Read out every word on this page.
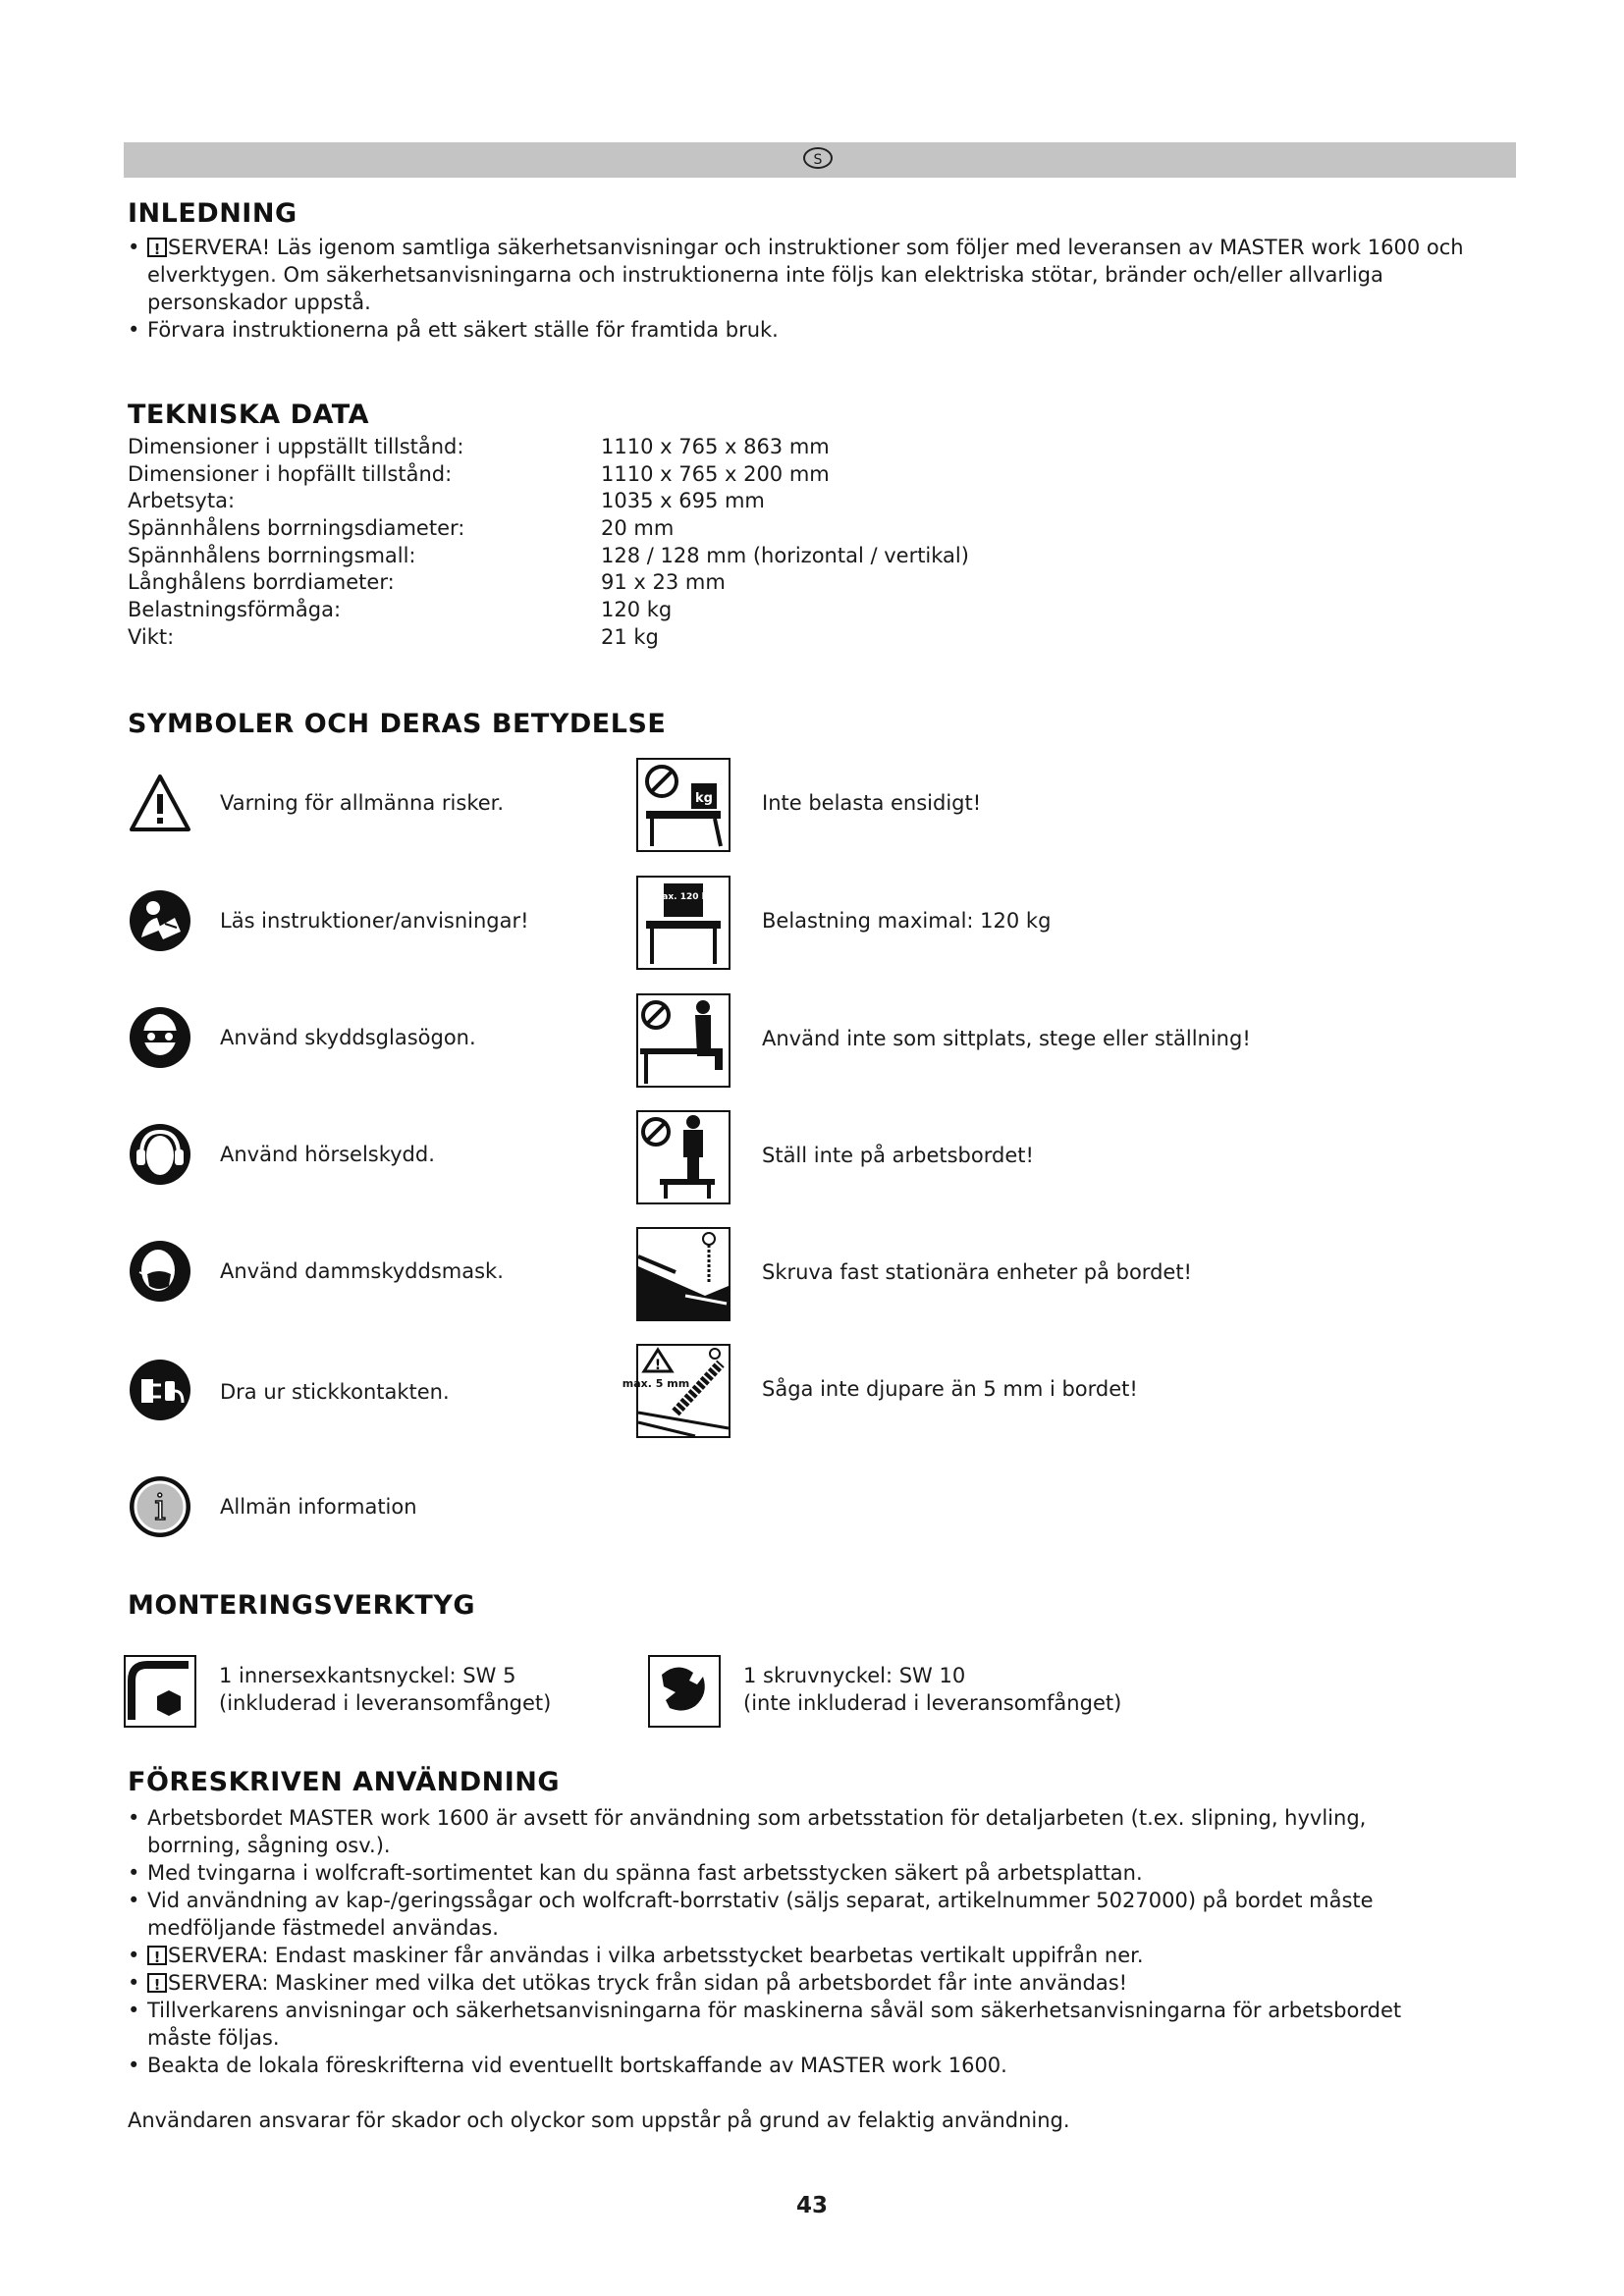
S
INLEDNING
!• SERVERA! Läs igenom samtliga säkerhetsanvisningar och instruktioner som följer med leveransen av MASTER work 1600 och elverktygen. Om säkerhetsanvisningarna och instruktionerna inte följs kan elektriska stötar, bränder och/eller allvarliga personskador uppstå.
• Förvara instruktionerna på ett säkert ställe för framtida bruk.
TEKNISKA DATA
Dimensioner i uppställt tillstånd:	1110 x 765 x 863 mm
Dimensioner i hopfällt tillstånd:	1110 x 765 x 200 mm
Arbetsyta:	1035 x 695 mm
Spännhålens borrningsdiameter:	20 mm
Spännhålens borrningsmall:	128 / 128 mm (horizontal / vertikal)
Långhålens borrdiameter:	91 x 23 mm
Belastningsförmåga:	120 kg
Vikt:	21 kg
SYMBOLER OCH DERAS BETYDELSE
Varning för allmänna risker.
Läs instruktioner/anvisningar!
Använd skyddsglasögon.
Använd hörselskydd.
Använd dammskyddsmask.
Dra ur stickkontakten.
i	Allmän information
kg Inte belasta ensidigt!
max. 120 kg
Belastning maximal: 120 kg
Använd inte som sittplats, stege eller ställning!
Ställ inte på arbetsbordet!
Skruva fast stationära enheter på bordet!
!
max. 5 mm	Såga inte djupare än 5 mm i bordet!
MONTERINGSVERKTYG
1 innersexkantsnyckel: SW 5
(inkluderad i leveransomfånget)
1 skruvnyckel: SW 10
(inte inkluderad i leveransomfånget)
FÖRESKRIVEN ANVÄNDNING
• Arbetsbordet MASTER work 1600 är avsett för användning som arbetsstation för detaljarbeten (t.ex. slipning, hyvling, borrning, sågning osv.).
• Med tvingarna i wolfcraft-sortimentet kan du spänna fast arbetsstycken säkert på arbetsplattan.
• Vid användning av kap-/geringssågar och wolfcraft-borrstativ (säljs separat, artikelnummer 5027000) på bordet måste medföljande fästmedel användas.
!• SERVERA: Endast maskiner får användas i vilka arbetsstycket bearbetas vertikalt uppifrån ner.
!• SERVERA: Maskiner med vilka det utökas tryck från sidan på arbetsbordet får inte användas!
• Tillverkarens anvisningar och säkerhetsanvisningarna för maskinerna såväl som säkerhetsanvisningarna för arbetsbordet måste följas.
• Beakta de lokala föreskrifterna vid eventuellt bortskaffande av MASTER work 1600.
Användaren ansvarar för skador och olyckor som uppstår på grund av felaktig användning.
43
